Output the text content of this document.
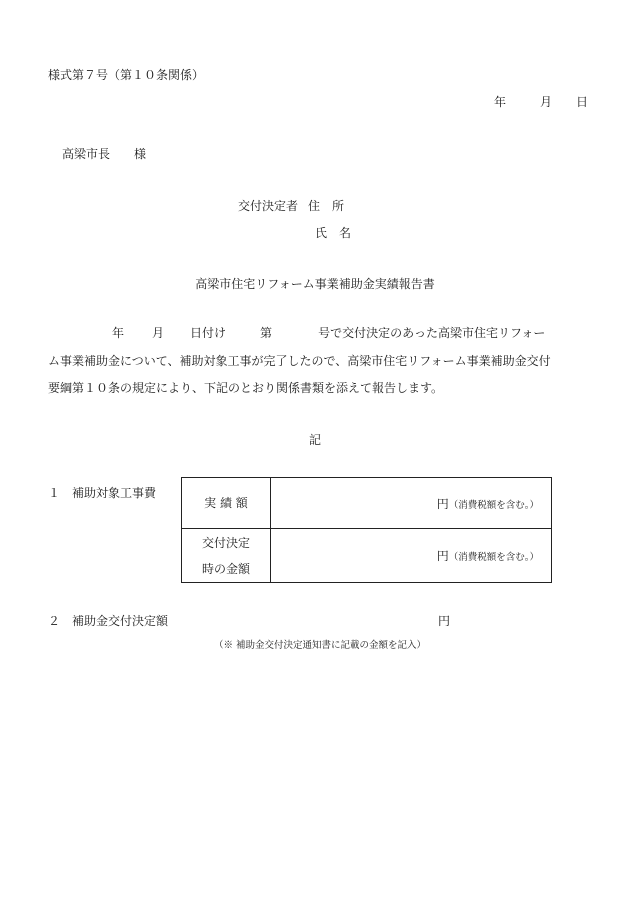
様式第７号（第１０条関係）
年	月 日
高梁市長 様
交付決定者 住　所
氏　名
高梁市住宅リフォーム事業補助金実績報告書
年 月 日付け	第	号で交付決定のあった高梁市住宅リフォー
ム事業補助金について、補助対象工事が完了したので、高梁市住宅リフォーム事業補助金交付
要綱第１０条の規定により、下記のとおり関係書類を添えて報告します。
記
１　補助対象工事費
実 績 額	円（消費税額を含む。）
交付決定
時の金額	円（消費税額を含む。）
２　補助金交付決定額	円
（※ 補助金交付決定通知書に記載の金額を記入）
